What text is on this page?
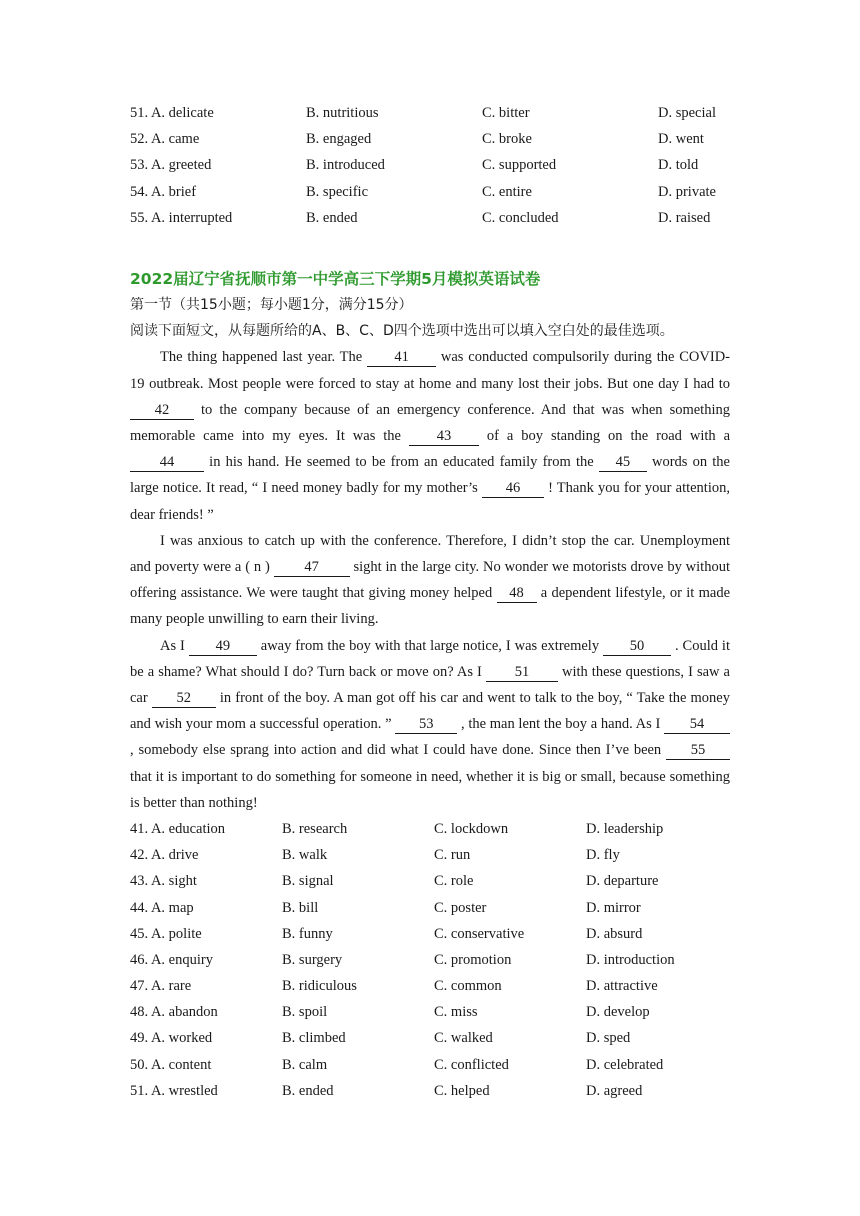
51. A. delicate	B. nutritious	C. bitter	D. special
52. A. came	B. engaged	C. broke	D. went
53. A. greeted	B. introduced	C. supported	D. told
54. A. brief	B. specific	C. entire	D. private
55. A. interrupted	B. ended	C. concluded	D. raised
2022届辽宁省抚顺市第一中学高三下学期5月模拟英语试卷
第一节（共15小题；每小题1分，满分15分）
阅读下面短文，从每题所给的A、B、C、D四个选项中选出可以填入空白处的最佳选项。

The thing happened last year. The 41 was conducted compulsorily during the COVID-19 outbreak. Most people were forced to stay at home and many lost their jobs. But one day I had to 42 to the company because of an emergency conference. And that was when something memorable came into my eyes. It was the 43 of a boy standing on the road with a 44 in his hand. He seemed to be from an educated family from the 45 words on the large notice. It read, “ I need money badly for my mother’s 46 ! Thank you for your attention, dear friends! ”

I was anxious to catch up with the conference. Therefore, I didn’t stop the car. Unemployment and poverty were a ( n ) 47 sight in the large city. No wonder we motorists drove by without offering assistance. We were taught that giving money helped 48 a dependent lifestyle, or it made many people unwilling to earn their living.

As I 49 away from the boy with that large notice, I was extremely 50 . Could it be a shame? What should I do? Turn back or move on? As I 51 with these questions, I saw a car 52 in front of the boy. A man got off his car and went to talk to the boy, “ Take the money and wish your mom a successful operation. ” 53 , the man lent the boy a hand. As I 54 , somebody else sprang into action and did what I could have done. Since then I’ve been 55 that it is important to do something for someone in need, whether it is big or small, because something is better than nothing!

41. A. education	B. research	C. lockdown	D. leadership
42. A. drive	B. walk	C. run	D. fly
43. A. sight	B. signal	C. role	D. departure
44. A. map	B. bill	C. poster	D. mirror
45. A. polite	B. funny	C. conservative	D. absurd
46. A. enquiry	B. surgery	C. promotion	D. introduction
47. A. rare	B. ridiculous	C. common	D. attractive
48. A. abandon	B. spoil	C. miss	D. develop
49. A. worked	B. climbed	C. walked	D. sped
50. A. content	B. calm	C. conflicted	D. celebrated
51. A. wrestled	B. ended	C. helped	D. agreed
